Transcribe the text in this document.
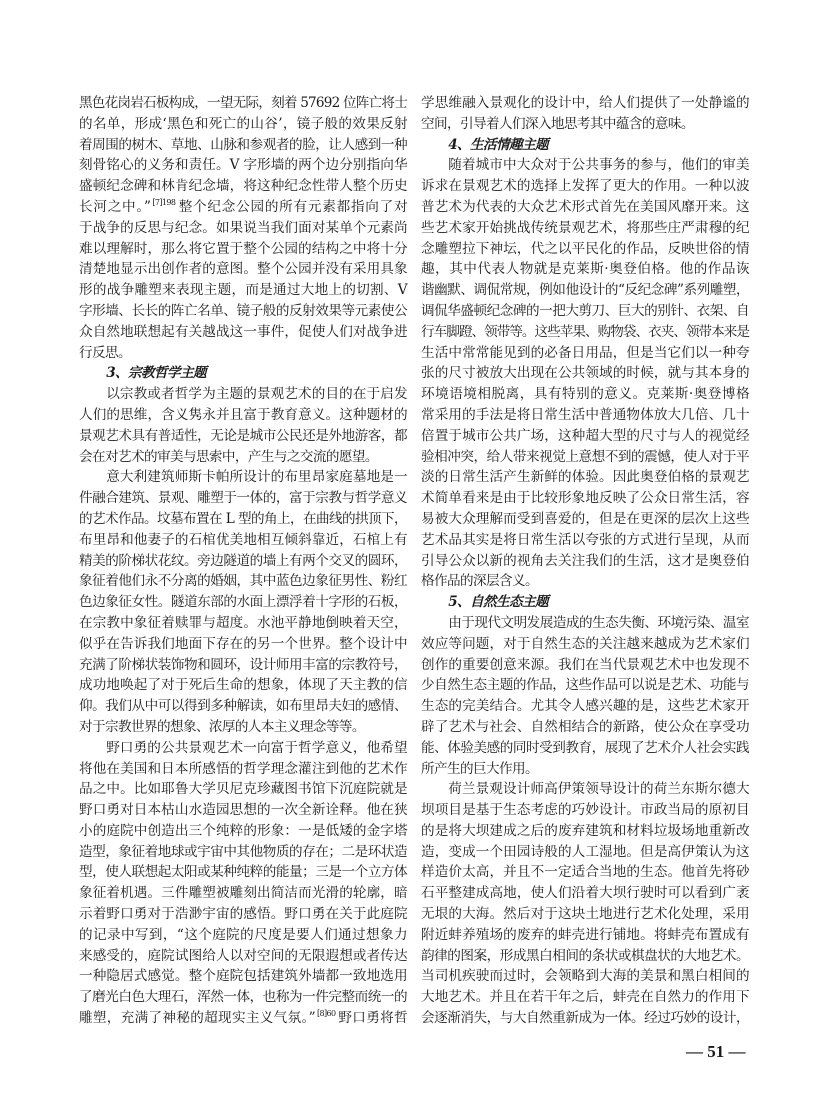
黑色花岗岩石板构成，一望无际，刻着 57692 位阵亡将士
的名单，形成‘黑色和死亡的山谷’，镜子般的效果反射
着周围的树木、草地、山脉和参观者的脸，让人感到一种
刻骨铭心的义务和责任。V 字形墙的两个边分别指向华
盛顿纪念碑和林肯纪念墙，将这种纪念性带人整个历史
长河之中。” $^{[7]198}$ 整个纪念公园的所有元素都指向了对
于战争的反思与纪念。如果说当我们面对某单个元素尚
难以理解时，那么将它置于整个公园的结构之中将十分
清楚地显示出创作者的意图。整个公园并没有采用具象
形的战争雕塑来表现主题，而是通过大地上的切割、V
字形墙、长长的阵亡名单、镜子般的反射效果等元素使公
众自然地联想起有关越战这一事件，促使人们对战争进
行反思。
3、宗教哲学主题
以宗教或者哲学为主题的景观艺术的目的在于启发
人们的思维，含义隽永并且富于教育意义。这种题材的
景观艺术具有普适性，无论是城市公民还是外地游客，都
会在对艺术的审美与思索中，产生与之交流的愿望。
意大利建筑师斯卡帕所设计的布里昂家庭墓地是一
件融合建筑、景观、雕塑于一体的，富于宗教与哲学意义
的艺术作品。坟墓布置在 L 型的角上，在曲线的拱顶下，
布里昂和他妻子的石棺优美地相互倾斜靠近，石棺上有
精美的阶梯状花纹。旁边隧道的墙上有两个交叉的圆环，
象征着他们永不分离的婚姻，其中蓝色边象征男性、粉红
色边象征女性。隧道东部的水面上漂浮着十字形的石板，
在宗教中象征着赎罪与超度。水池平静地倒映着天空，
似乎在告诉我们地面下存在的另一个世界。整个设计中
充满了阶梯状装饰物和圆环，设计师用丰富的宗教符号，
成功地唤起了对于死后生命的想象，体现了天主教的信
仰。我们从中可以得到多种解读，如布里昂夫妇的感情、
对于宗教世界的想象、浓厚的人本主义理念等等。
野口勇的公共景观艺术一向富于哲学意义，他希望
将他在美国和日本所感悟的哲学理念灌注到他的艺术作
品之中。比如耶鲁大学贝尼克珍藏图书馆下沉庭院就是
野口勇对日本枯山水造园思想的一次全新诠释。他在狭
小的庭院中创造出三个纯粹的形象：一是低矮的金字塔
造型，象征着地球或宇宙中其他物质的存在；二是环状造
型，使人联想起太阳或某种纯粹的能量；三是一个立方体
象征着机遇。三件雕塑被雕刻出简洁而光滑的轮廓，暗
示着野口勇对于浩渺宇宙的感悟。野口勇在关于此庭院
的记录中写到，“这个庭院的尺度是要人们通过想象力
来感受的，庭院试图给人以对空间的无限遐想或者传达
一种隐居式感觉。整个庭院包括建筑外墙都一致地选用
了磨光白色大理石，浑然一体，也称为一件完整而统一的
雕塑，充满了神秘的超现实主义气氛。” $^{[8]60}$ 野口勇将哲
学思维融入景观化的设计中，给人们提供了一处静谧的
空间，引导着人们深入地思考其中蕴含的意味。
4、生活情趣主题
随着城市中大众对于公共事务的参与，他们的审美
诉求在景观艺术的选择上发挥了更大的作用。一种以波
普艺术为代表的大众艺术形式首先在美国风靡开来。这
些艺术家开始挑战传统景观艺术，将那些庄严肃穆的纪
念雕塑拉下神坛，代之以平民化的作品，反映世俗的情
趣，其中代表人物就是克莱斯·奥登伯格。他的作品诙
谐幽默、调侃常规，例如他设计的“反纪念碑”系列雕塑，
调侃华盛顿纪念碑的一把大剪刀、巨大的别针、衣架、自
行车脚蹬、领带等。这些苹果、购物袋、衣夹、领带本来是
生活中常常能见到的必备日用品，但是当它们以一种夸
张的尺寸被放大出现在公共领域的时候，就与其本身的
环境语境相脱离，具有特别的意义。克莱斯·奥登博格
常采用的手法是将日常生活中普通物体放大几倍、几十
倍置于城市公共广场，这种超大型的尺寸与人的视觉经
验相冲突，给人带来视觉上意想不到的震憾，使人对于平
淡的日常生活产生新鲜的体验。因此奥登伯格的景观艺
术简单看来是由于比较形象地反映了公众日常生活，容
易被大众理解而受到喜爱的，但是在更深的层次上这些
艺术品其实是将日常生活以夸张的方式进行呈现，从而
引导公众以新的视角去关注我们的生活，这才是奥登伯
格作品的深层含义。
5、自然生态主题
由于现代文明发展造成的生态失衡、环境污染、温室
效应等问题，对于自然生态的关注越来越成为艺术家们
创作的重要创意来源。我们在当代景观艺术中也发现不
少自然生态主题的作品，这些作品可以说是艺术、功能与
生态的完美结合。尤其令人感兴趣的是，这些艺术家开
辟了艺术与社会、自然相结合的新路，使公众在享受功
能、体验美感的同时受到教育，展现了艺术介人社会实践
所产生的巨大作用。
荷兰景观设计师高伊策领导设计的荷兰东斯尔德大
坝项目是基于生态考虑的巧妙设计。市政当局的原初目
的是将大坝建成之后的废弃建筑和材料垃圾场地重新改
造，变成一个田园诗般的人工湿地。但是高伊策认为这
样造价太高，并且不一定适合当地的生态。他首先将砂
石平整建成高地，使人们沿着大坝行驶时可以看到广袤
无垠的大海。然后对于这块土地进行艺术化处理，采用
附近蚌养殖场的废弃的蚌壳进行铺地。将蚌壳布置成有
韵律的图案，形成黑白相间的条状或棋盘状的大地艺术。
当司机疾驶而过时，会领略到大海的美景和黑白相间的
大地艺术。并且在若干年之后，蚌壳在自然力的作用下
会逐渐消失，与大自然重新成为一体。经过巧妙的设计，
— 51 —
